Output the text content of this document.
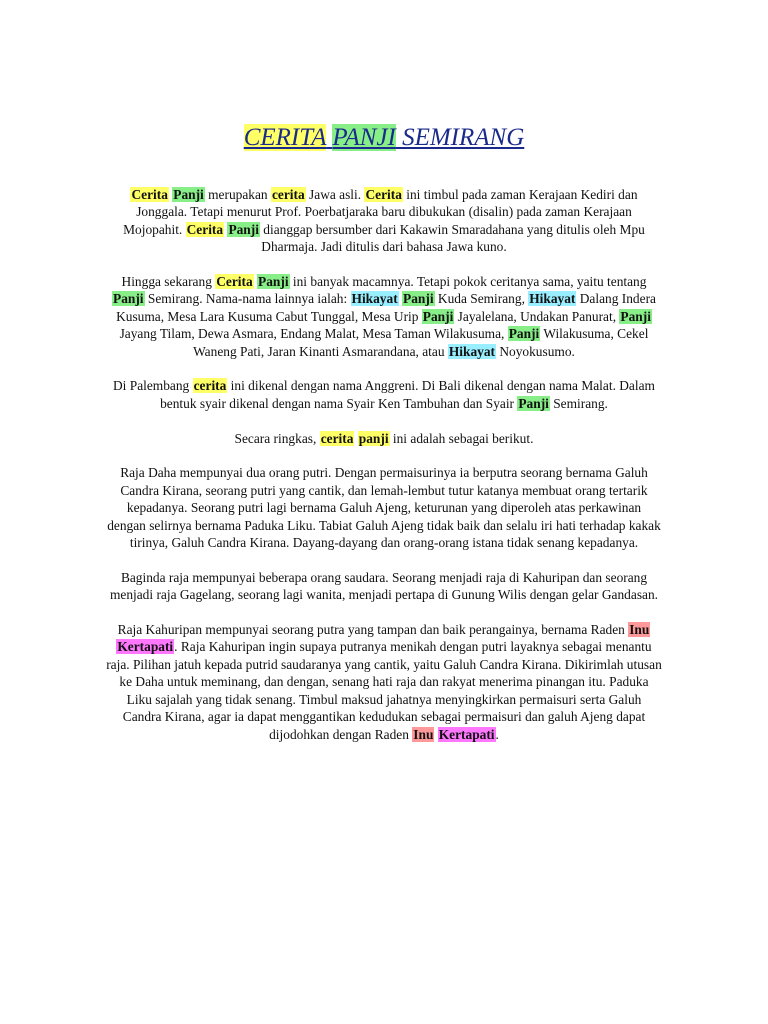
CERITA PANJI SEMIRANG

Cerita Panji merupakan cerita Jawa asli. Cerita ini timbul pada zaman Kerajaan Kediri dan Jonggala. Tetapi menurut Prof. Poerbatjaraka baru dibukukan (disalin) pada zaman Kerajaan Mojopahit. Cerita Panji dianggap bersumber dari Kakawin Smaradahana yang ditulis oleh Mpu Dharmaja. Jadi ditulis dari bahasa Jawa kuno.

Hingga sekarang Cerita Panji ini banyak macamnya. Tetapi pokok ceritanya sama, yaitu tentang Panji Semirang. Nama-nama lainnya ialah: Hikayat Panji Kuda Semirang, Hikayat Dalang Indera Kusuma, Mesa Lara Kusuma Cabut Tunggal, Mesa Urip Panji Jayalelana, Undakan Panurat, Panji Jayang Tilam, Dewa Asmara, Endang Malat, Mesa Taman Wilakusuma, Panji Wilakusuma, Cekel Waneng Pati, Jaran Kinanti Asmarandana, atau Hikayat Noyokusumo.

Di Palembang cerita ini dikenal dengan nama Anggreni. Di Bali dikenal dengan nama Malat. Dalam bentuk syair dikenal dengan nama Syair Ken Tambuhan dan Syair Panji Semirang.

Secara ringkas, cerita panji ini adalah sebagai berikut.

Raja Daha mempunyai dua orang putri. Dengan permaisurinya ia berputra seorang bernama Galuh Candra Kirana, seorang putri yang cantik, dan lemah-lembut tutur katanya membuat orang tertarik kepadanya. Seorang putri lagi bernama Galuh Ajeng, keturunan yang diperoleh atas perkawinan dengan selirnya bernama Paduka Liku. Tabiat Galuh Ajeng tidak baik dan selalu iri hati terhadap kakak tirinya, Galuh Candra Kirana. Dayang-dayang dan orang-orang istana tidak senang kepadanya.

Baginda raja mempunyai beberapa orang saudara. Seorang menjadi raja di Kahuripan dan seorang menjadi raja Gagelang, seorang lagi wanita, menjadi pertapa di Gunung Wilis dengan gelar Gandasan.

Raja Kahuripan mempunyai seorang putra yang tampan dan baik perangainya, bernama Raden Inu Kertapati. Raja Kahuripan ingin supaya putranya menikah dengan putri layaknya sebagai menantu raja. Pilihan jatuh kepada putrid saudaranya yang cantik, yaitu Galuh Candra Kirana. Dikirimlah utusan ke Daha untuk meminang, dan dengan, senang hati raja dan rakyat menerima pinangan itu. Paduka Liku sajalah yang tidak senang. Timbul maksud jahatnya menyingkirkan permaisuri serta Galuh Candra Kirana, agar ia dapat menggantikan kedudukan sebagai permaisuri dan galuh Ajeng dapat dijodohkan dengan Raden Inu Kertapati.
